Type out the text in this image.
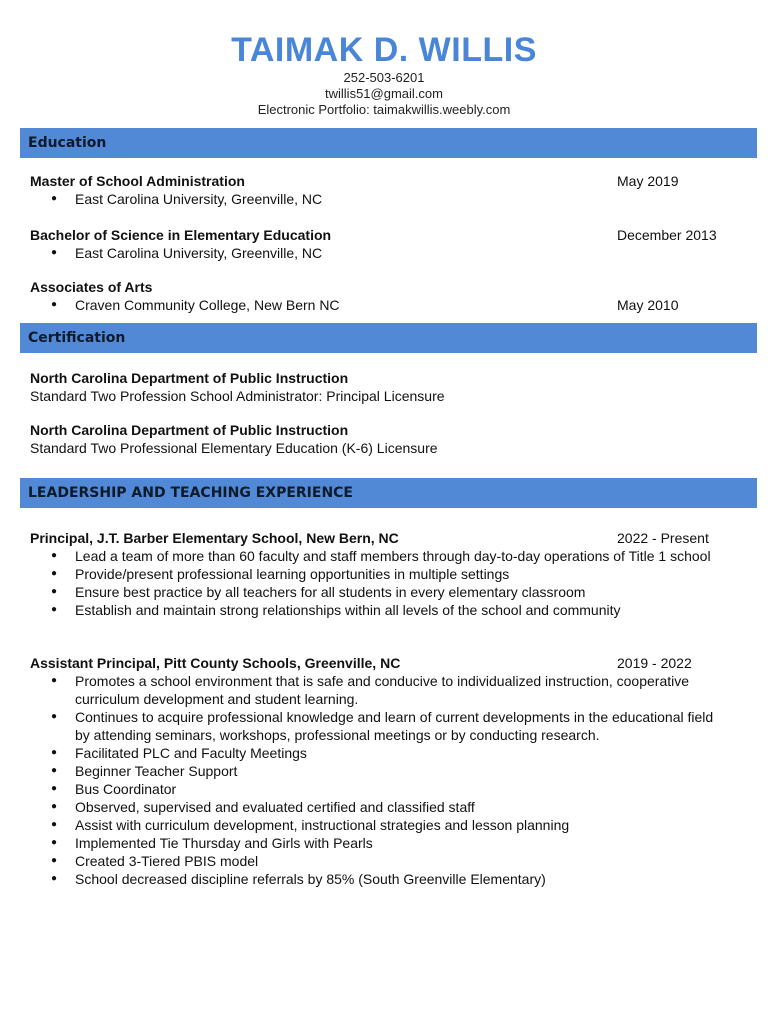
TAIMAK D. WILLIS
252-503-6201
twillis51@gmail.com
Electronic Portfolio: taimakwillis.weebly.com
Education
Master of School Administration	May 2019
● East Carolina University, Greenville, NC
Bachelor of Science in Elementary Education	December 2013
● East Carolina University, Greenville, NC
Associates of Arts
● Craven Community College, New Bern NC	May 2010
Certification
North Carolina Department of Public Instruction
Standard Two Profession School Administrator: Principal Licensure
North Carolina Department of Public Instruction
Standard Two Professional Elementary Education (K-6) Licensure
LEADERSHIP AND TEACHING EXPERIENCE
Principal, J.T. Barber Elementary School, New Bern, NC	2022 - Present
● Lead a team of more than 60 faculty and staff members through day-to-day operations of Title 1 school
● Provide/present professional learning opportunities in multiple settings
● Ensure best practice by all teachers for all students in every elementary classroom
● Establish and maintain strong relationships within all levels of the school and community
Assistant Principal, Pitt County Schools, Greenville, NC	2019 - 2022
● Promotes a school environment that is safe and conducive to individualized instruction, cooperative curriculum development and student learning.
● Continues to acquire professional knowledge and learn of current developments in the educational field by attending seminars, workshops, professional meetings or by conducting research.
● Facilitated PLC and Faculty Meetings
● Beginner Teacher Support
● Bus Coordinator
● Observed, supervised and evaluated certified and classified staff
● Assist with curriculum development, instructional strategies and lesson planning
● Implemented Tie Thursday and Girls with Pearls
● Created 3-Tiered PBIS model
● School decreased discipline referrals by 85% (South Greenville Elementary)
